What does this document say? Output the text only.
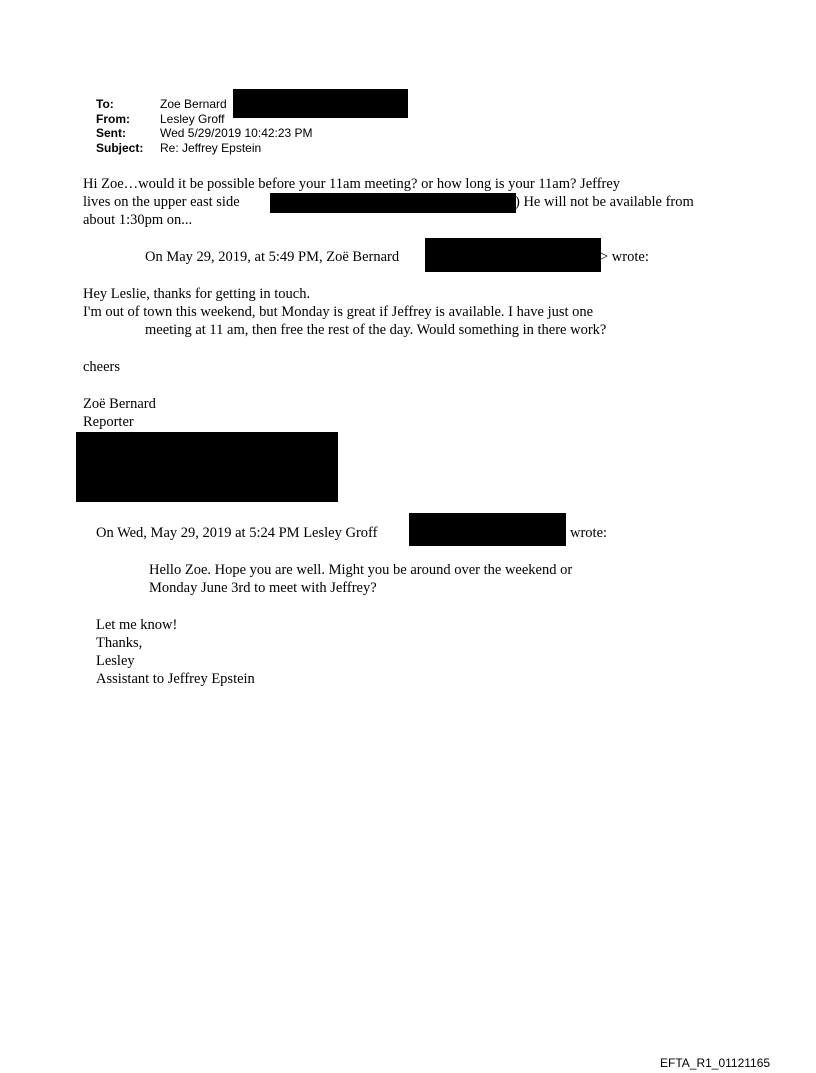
To:	Zoe Bernard
From:	Lesley Groff
Sent:	Wed 5/29/2019 10:42:23 PM
Subject:	Re: Jeffrey Epstein
Hi Zoe…would it be possible before your 11am meeting? or how long is your 11am? Jeffrey
lives on the upper east side	) He will not be available from
about 1:30pm on...
On May 29, 2019, at 5:49 PM, Zoë Bernard	> wrote:
Hey Leslie, thanks for getting in touch.
I'm out of town this weekend, but Monday is great if Jeffrey is available. I have just one
meeting at 11 am, then free the rest of the day. Would something in there work?
cheers
Zoë Bernard
Reporter
On Wed, May 29, 2019 at 5:24 PM Lesley Groff	wrote:
Hello Zoe. Hope you are well. Might you be around over the weekend or
Monday June 3rd to meet with Jeffrey?
Let me know!
Thanks,
Lesley
Assistant to Jeffrey Epstein
EFTA_R1_01121165
